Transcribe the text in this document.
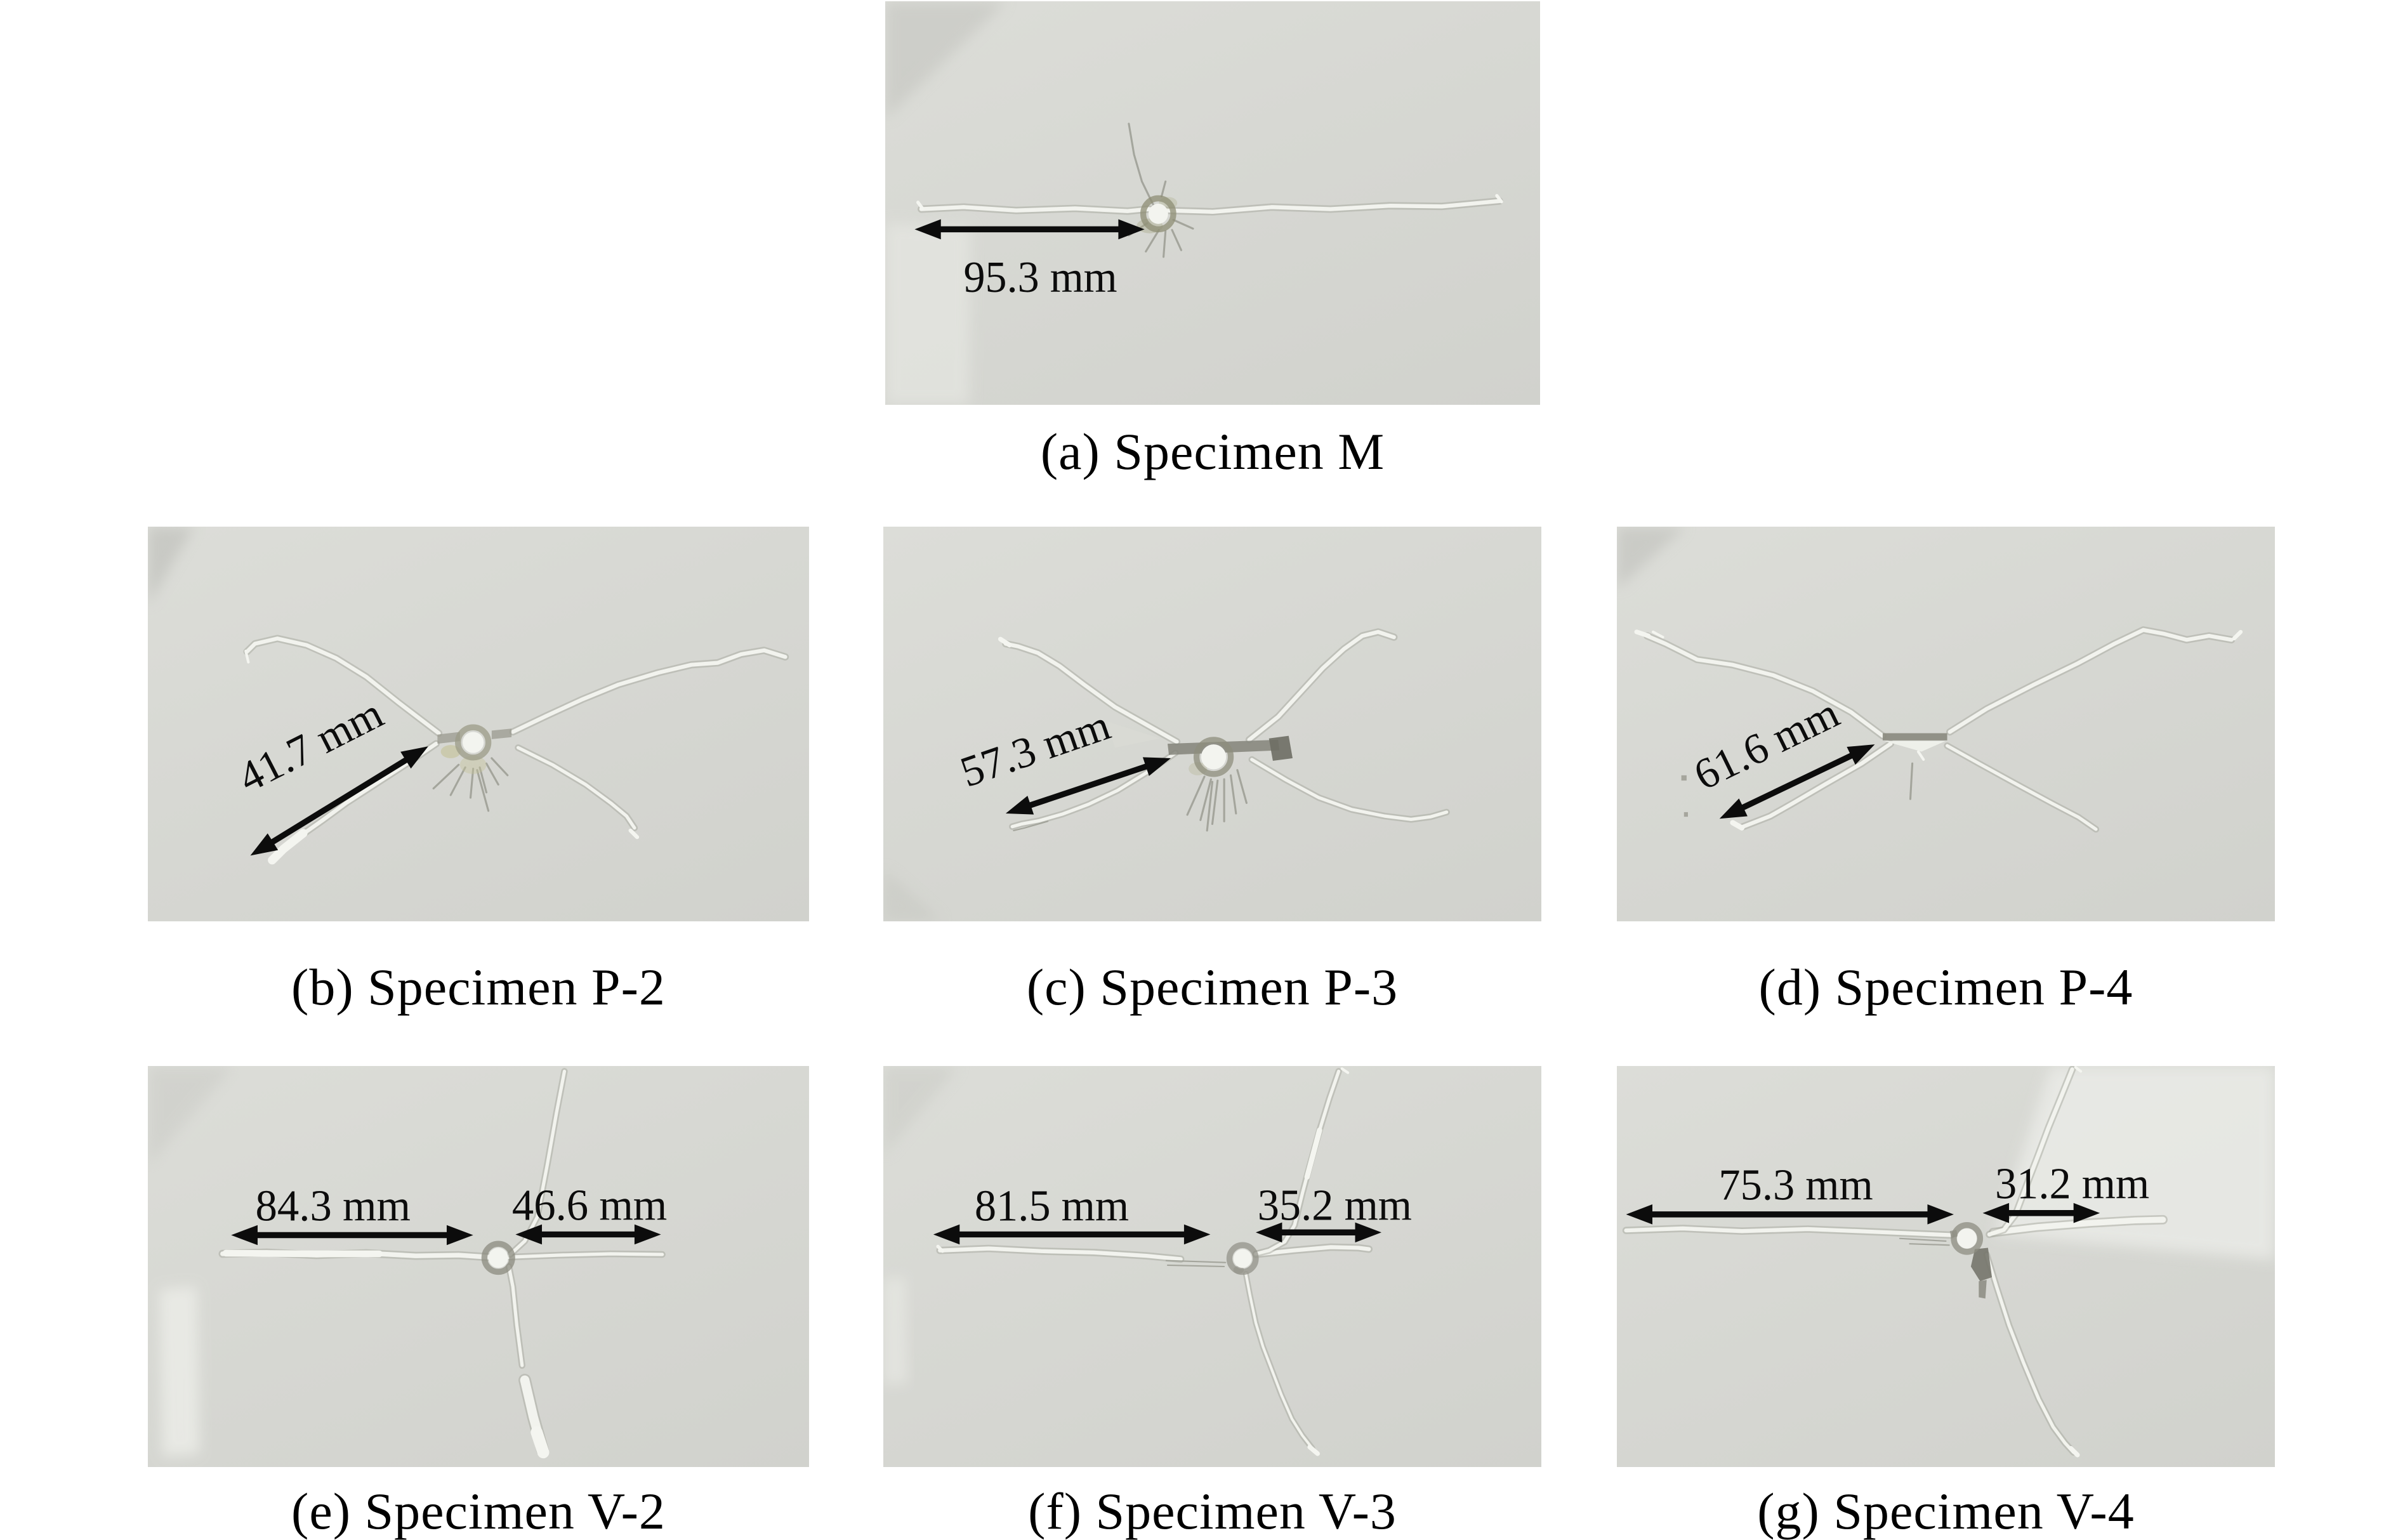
95.3 mm
(a) Specimen M
41.7 mm
(b) Specimen P-2
57.3 mm
(c) Specimen P-3
61.6 mm
(d) Specimen P-4
84.3 mm 46.6 mm
(e) Specimen V-2
81.5 mm	35.2 mm
(f) Specimen V-3
75.3 mm	31.2 mm
(g) Specimen V-4
